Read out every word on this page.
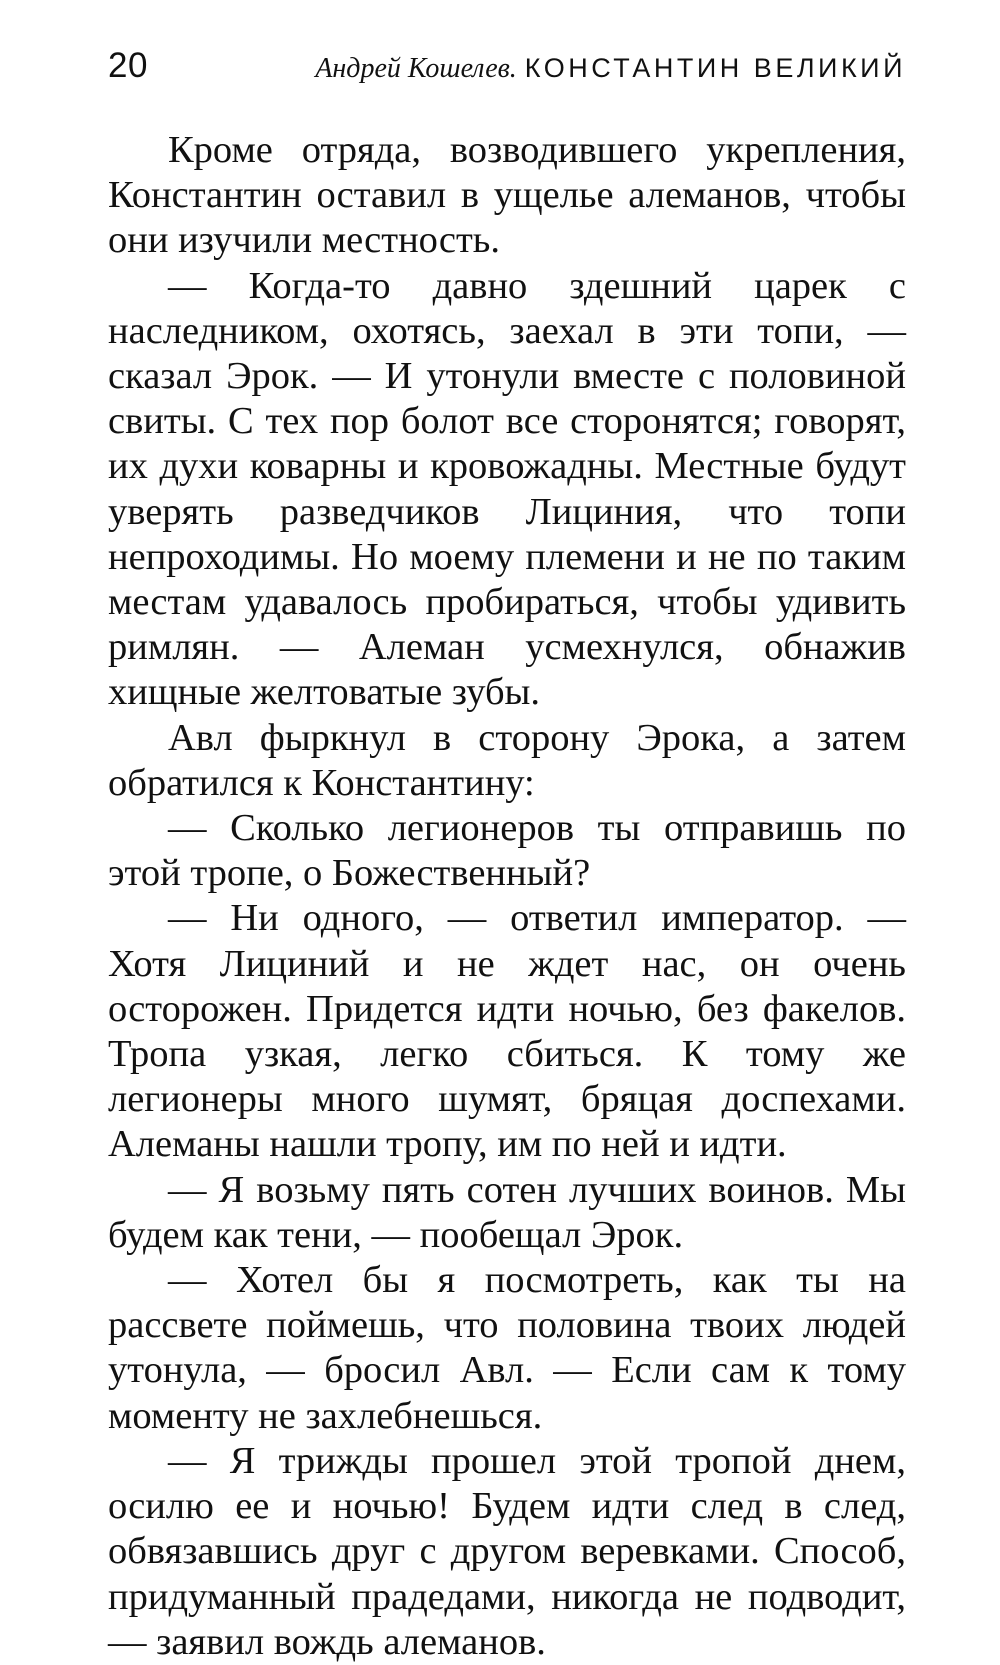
20	Андрей Кошелев. КОНСТАНТИН ВЕЛИКИЙ

Кроме отряда, возводившего укрепления, Константин оставил в ущелье алеманов, чтобы они изучили местность.

— Когда-то давно здешний царек с наследником, охотясь, заехал в эти топи, — сказал Эрок. — И утонули вместе с половиной свиты. С тех пор болот все сторонятся; говорят, их духи коварны и кровожадны. Местные будут уверять разведчиков Лициния, что топи непроходимы. Но моему племени и не по таким местам удавалось пробираться, чтобы удивить римлян. — Алеман усмехнулся, обнажив хищные желтоватые зубы.

Авл фыркнул в сторону Эрока, а затем обратился к Константину:

— Сколько легионеров ты отправишь по этой тропе, о Божественный?

— Ни одного, — ответил император. — Хотя Лициний и не ждет нас, он очень осторожен. Придется идти ночью, без факелов. Тропа узкая, легко сбиться. К тому же легионеры много шумят, бряцая доспехами. Алеманы нашли тропу, им по ней и идти.

— Я возьму пять сотен лучших воинов. Мы будем как тени, — пообещал Эрок.

— Хотел бы я посмотреть, как ты на рассвете поймешь, что половина твоих людей утонула, — бросил Авл. — Если сам к тому моменту не захлебнешься.

— Я трижды прошел этой тропой днем, осилю ее и ночью! Будем идти след в след, обвязавшись друг с другом веревками. Способ, придуманный прадедами, никогда не подводит, — заявил вождь алеманов.
